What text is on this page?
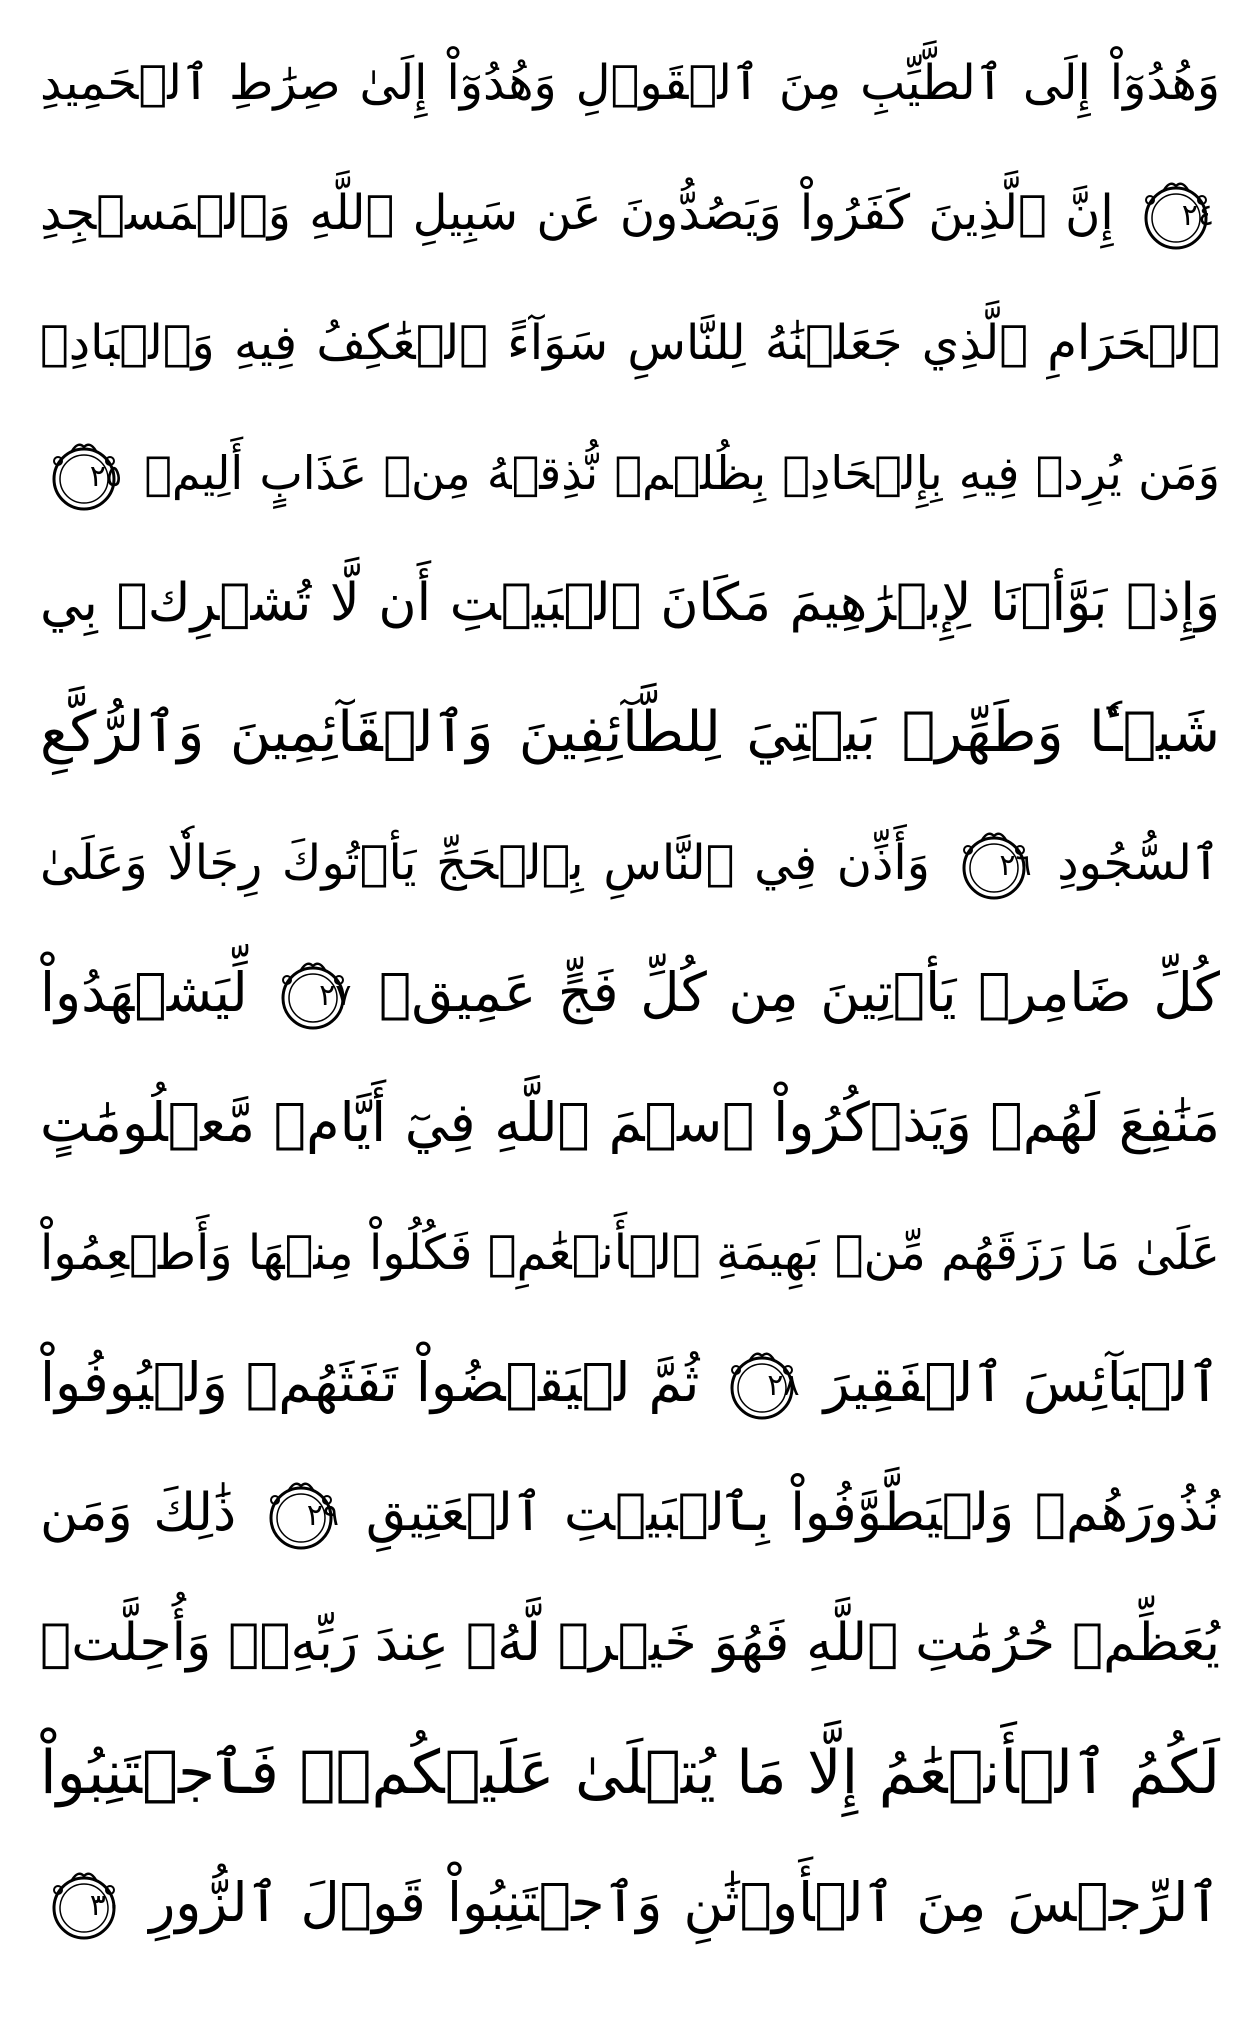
وَهُدُوٓاْ إِلَى ٱلطَّيِّبِ مِنَ ٱلۡقَوۡلِ وَهُدُوٓاْ إِلَىٰ صِرَٰطِ ٱلۡحَمِيدِ
٢٤
إِنَّ ٱلَّذِينَ كَفَرُواْ وَيَصُدُّونَ عَن سَبِيلِ ٱللَّهِ وَٱلۡمَسۡجِدِ
ٱلۡحَرَامِ ٱلَّذِي جَعَلۡنَٰهُ لِلنَّاسِ سَوَآءً ٱلۡعَٰكِفُ فِيهِ وَٱلۡبَادِۚ
وَمَن يُرِدۡ فِيهِ بِإِلۡحَادِۭ بِظُلۡمٖ نُّذِقۡهُ مِنۡ عَذَابٍ أَلِيمٖ
٢٥
وَإِذۡ بَوَّأۡنَا لِإِبۡرَٰهِيمَ مَكَانَ ٱلۡبَيۡتِ أَن لَّا تُشۡرِكۡ بِي
شَيۡـٔٗا وَطَهِّرۡ بَيۡتِيَ لِلطَّآئِفِينَ وَٱلۡقَآئِمِينَ وَٱلرُّكَّعِ
ٱلسُّجُودِ
٢٦
وَأَذِّن فِي ٱلنَّاسِ بِٱلۡحَجِّ يَأۡتُوكَ رِجَالٗا وَعَلَىٰ
كُلِّ ضَامِرٖ يَأۡتِينَ مِن كُلِّ فَجٍّ عَمِيقٖ
٢٧
لِّيَشۡهَدُواْ
مَنَٰفِعَ لَهُمۡ وَيَذۡكُرُواْ ٱسۡمَ ٱللَّهِ فِيٓ أَيَّامٖ مَّعۡلُومَٰتٍ
عَلَىٰ مَا رَزَقَهُم مِّنۢ بَهِيمَةِ ٱلۡأَنۡعَٰمِۖ فَكُلُواْ مِنۡهَا وَأَطۡعِمُواْ
ٱلۡبَآئِسَ ٱلۡفَقِيرَ
٢٨
ثُمَّ لۡيَقۡضُواْ تَفَثَهُمۡ وَلۡيُوفُواْ
نُذُورَهُمۡ وَلۡيَطَّوَّفُواْ بِٱلۡبَيۡتِ ٱلۡعَتِيقِ
٢٩
ذَٰلِكَ وَمَن
يُعَظِّمۡ حُرُمَٰتِ ٱللَّهِ فَهُوَ خَيۡرٞ لَّهُۥ عِندَ رَبِّهِۦۗ وَأُحِلَّتۡ
لَكُمُ ٱلۡأَنۡعَٰمُ إِلَّا مَا يُتۡلَىٰ عَلَيۡكُمۡۖ فَٱجۡتَنِبُواْ
ٱلرِّجۡسَ مِنَ ٱلۡأَوۡثَٰنِ وَٱجۡتَنِبُواْ قَوۡلَ ٱلزُّورِ
٣٠
